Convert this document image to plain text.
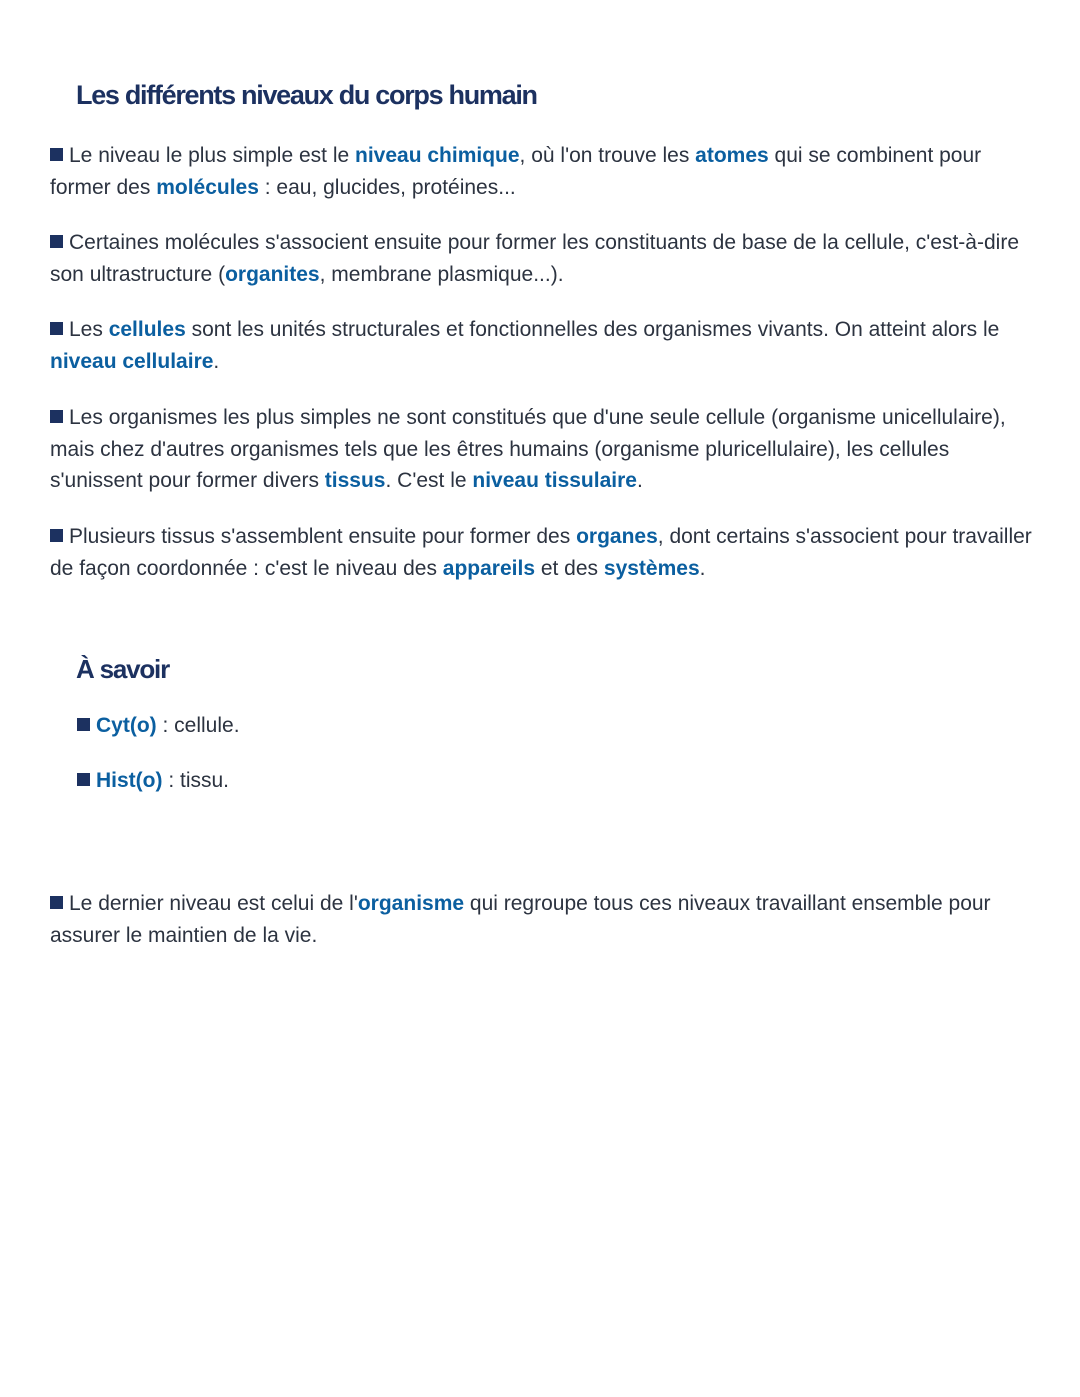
Les différents niveaux du corps humain

Le niveau le plus simple est le niveau chimique, où l'on trouve les atomes qui se combinent pour former des molécules : eau, glucides, protéines...

Certaines molécules s'associent ensuite pour former les constituants de base de la cellule, c'est-à-dire son ultrastructure (organites, membrane plasmique...).

Les cellules sont les unités structurales et fonctionnelles des organismes vivants. On atteint alors le niveau cellulaire.

Les organismes les plus simples ne sont constitués que d'une seule cellule (organisme unicellulaire), mais chez d'autres organismes tels que les êtres humains (organisme pluricellulaire), les cellules s'unissent pour former divers tissus. C'est le niveau tissulaire.

Plusieurs tissus s'assemblent ensuite pour former des organes, dont certains s'associent pour travailler de façon coordonnée : c'est le niveau des appareils et des systèmes.

À savoir

Cyt(o) : cellule.

Hist(o) : tissu.

Le dernier niveau est celui de l'organisme qui regroupe tous ces niveaux travaillant ensemble pour assurer le maintien de la vie.
